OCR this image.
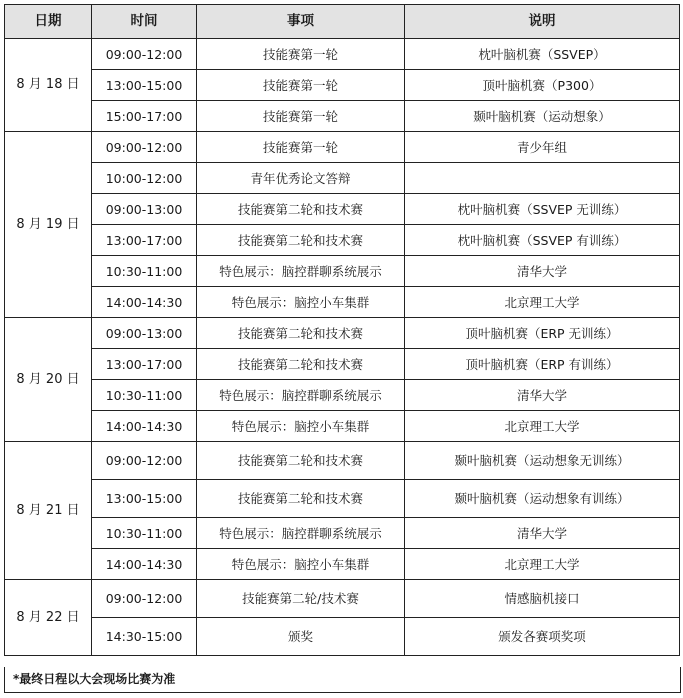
日期	时间	事项	说明
8 月 18 日	09:00-12:00	技能赛第一轮	枕叶脑机赛（SSVEP）
	13:00-15:00	技能赛第一轮	顶叶脑机赛（P300）
	15:00-17:00	技能赛第一轮	颞叶脑机赛（运动想象）
8 月 19 日	09:00-12:00	技能赛第一轮	青少年组
	10:00-12:00	青年优秀论文答辩	
	09:00-13:00	技能赛第二轮和技术赛	枕叶脑机赛（SSVEP 无训练）
	13:00-17:00	技能赛第二轮和技术赛	枕叶脑机赛（SSVEP 有训练）
	10:30-11:00	特色展示：脑控群聊系统展示	清华大学
	14:00-14:30	特色展示：脑控小车集群	北京理工大学
8 月 20 日	09:00-13:00	技能赛第二轮和技术赛	顶叶脑机赛（ERP 无训练）
	13:00-17:00	技能赛第二轮和技术赛	顶叶脑机赛（ERP 有训练）
	10:30-11:00	特色展示：脑控群聊系统展示	清华大学
	14:00-14:30	特色展示：脑控小车集群	北京理工大学
8 月 21 日	09:00-12:00	技能赛第二轮和技术赛	颞叶脑机赛（运动想象无训练）
	13:00-15:00	技能赛第二轮和技术赛	颞叶脑机赛（运动想象有训练）
	10:30-11:00	特色展示：脑控群聊系统展示	清华大学
	14:00-14:30	特色展示：脑控小车集群	北京理工大学
8 月 22 日	09:00-12:00	技能赛第二轮/技术赛	情感脑机接口
	14:30-15:00	颁奖	颁发各赛项奖项
*最终日程以大会现场比赛为准
